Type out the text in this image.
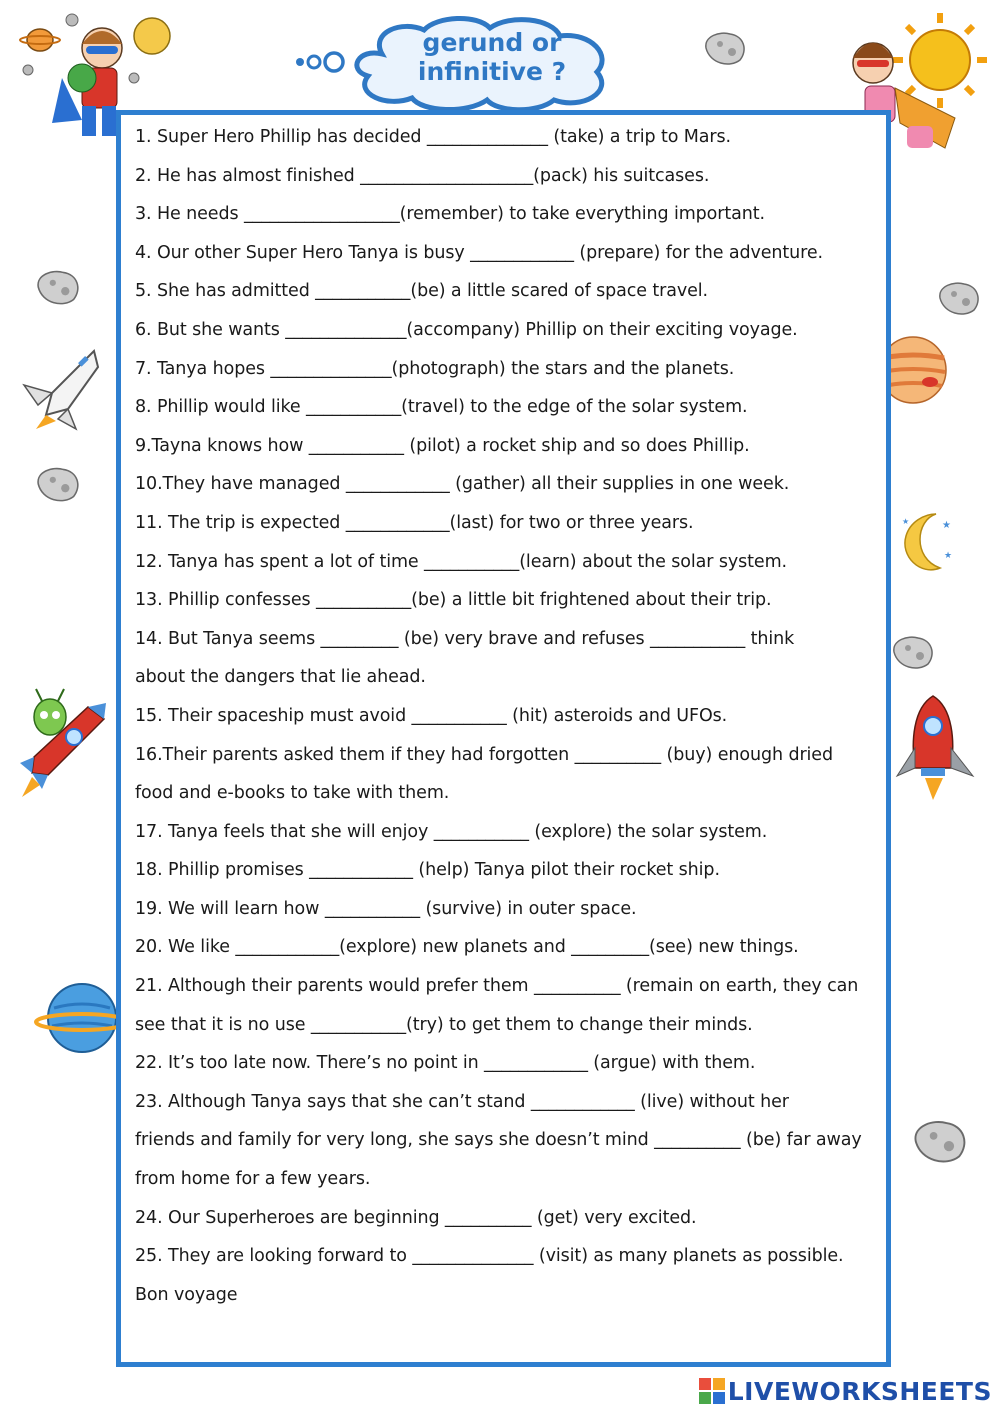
gerund or
infinitive ?
★
★
★
1. Super Hero Phillip has decided ______________ (take) a trip to Mars.
2. He has almost finished ____________________(pack) his suitcases.
3. He needs __________________(remember) to take everything important.
4. Our other Super Hero Tanya is busy ____________ (prepare) for the adventure.
5. She has admitted ___________(be) a little scared of space travel.
6. But she wants ______________(accompany) Phillip on their exciting voyage.
7. Tanya hopes ______________(photograph) the stars and the planets.
8. Phillip would like ___________(travel) to the edge of the solar system.
9.Tayna knows how ___________ (pilot) a rocket ship and so does Phillip.
10.They have managed ____________ (gather) all their supplies in one week.
11. The trip is expected ____________(last) for two or three years.
12. Tanya has spent a lot of time ___________(learn) about the solar system.
13. Phillip confesses ___________(be) a little bit frightened about their trip.
14. But Tanya seems _________ (be) very brave and refuses ___________ think
about the dangers that lie ahead.
15. Their spaceship must avoid ___________ (hit) asteroids and UFOs.
16.Their parents asked them if they had forgotten __________ (buy) enough dried
food and e-books to take with them.
17. Tanya feels that she will enjoy ___________ (explore) the solar system.
18. Phillip promises ____________ (help) Tanya pilot their rocket ship.
19. We will learn how ___________ (survive) in outer space.
20. We like ____________(explore) new planets and _________(see) new things.
21. Although their parents would prefer them __________ (remain on earth, they can
see that it is no use ___________(try) to get them to change their minds.
22. It’s too late now. There’s no point in ____________ (argue) with them.
23. Although Tanya says that she can’t stand ____________ (live) without her
friends and family for very long, she says she doesn’t mind __________ (be) far away
from home for a few years.
24. Our Superheroes are beginning __________ (get) very excited.
25. They are looking forward to ______________ (visit) as many planets as possible.
Bon voyage
LIVEWORKSHEETS
